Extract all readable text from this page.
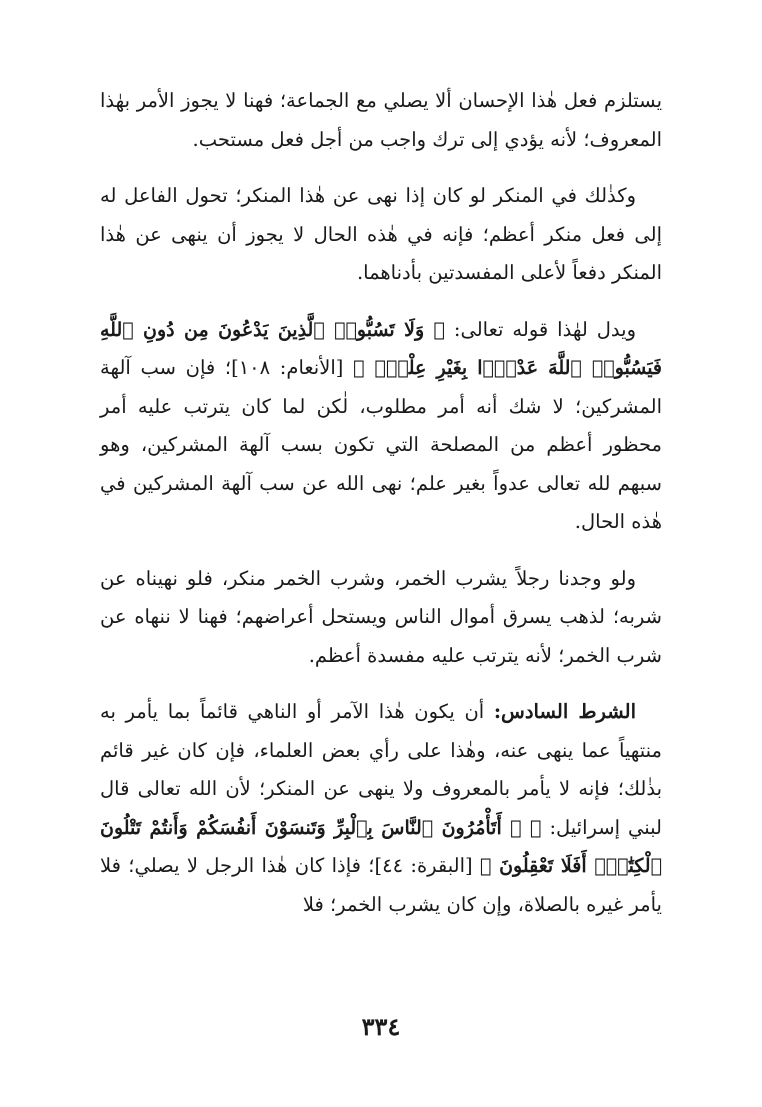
يستلزم فعل هٰذا الإحسان ألا يصلي مع الجماعة؛ فهنا لا يجوز الأمر بهٰذا المعروف؛ لأنه يؤدي إلى ترك واجب من أجل فعل مستحب.

وكذٰلك في المنكر لو كان إذا نهى عن هٰذا المنكر؛ تحول الفاعل له إلى فعل منكر أعظم؛ فإنه في هٰذه الحال لا يجوز أن ينهى عن هٰذا المنكر دفعاً لأعلى المفسدتين بأدناهما.

ويدل لهٰذا قوله تعالى: ﴿ وَلَا تَسُبُّوا۟ ٱلَّذِينَ يَدْعُونَ مِن دُونِ ٱللَّهِ فَيَسُبُّوا۟ ٱللَّهَ عَدْوًۢا بِغَيْرِ عِلْمٍۗ ﴾ [الأنعام: ١٠٨]؛ فإن سب آلهة المشركين؛ لا شك أنه أمر مطلوب، لٰكن لما كان يترتب عليه أمر محظور أعظم من المصلحة التي تكون بسب آلهة المشركين، وهو سبهم لله تعالى عدواً بغير علم؛ نهى الله عن سب آلهة المشركين في هٰذه الحال.

ولو وجدنا رجلاً يشرب الخمر، وشرب الخمر منكر، فلو نهيناه عن شربه؛ لذهب يسرق أموال الناس ويستحل أعراضهم؛ فهنا لا ننهاه عن شرب الخمر؛ لأنه يترتب عليه مفسدة أعظم.

الشرط السادس: أن يكون هٰذا الآمر أو الناهي قائماً بما يأمر به منتهياً عما ينهى عنه، وهٰذا على رأي بعض العلماء، فإن كان غير قائم بذٰلك؛ فإنه لا يأمر بالمعروف ولا ينهى عن المنكر؛ لأن الله تعالى قال لبني إسرائيل: ﴿ ۞ أَتَأْمُرُونَ ٱلنَّاسَ بِٱلْبِرِّ وَتَنسَوْنَ أَنفُسَكُمْ وَأَنتُمْ تَتْلُونَ ٱلْكِتَٰبَۚ أَفَلَا تَعْقِلُونَ ﴾ [البقرة: ٤٤]؛ فإذا كان هٰذا الرجل لا يصلي؛ فلا يأمر غيره بالصلاة، وإن كان يشرب الخمر؛ فلا

٣٣٤
